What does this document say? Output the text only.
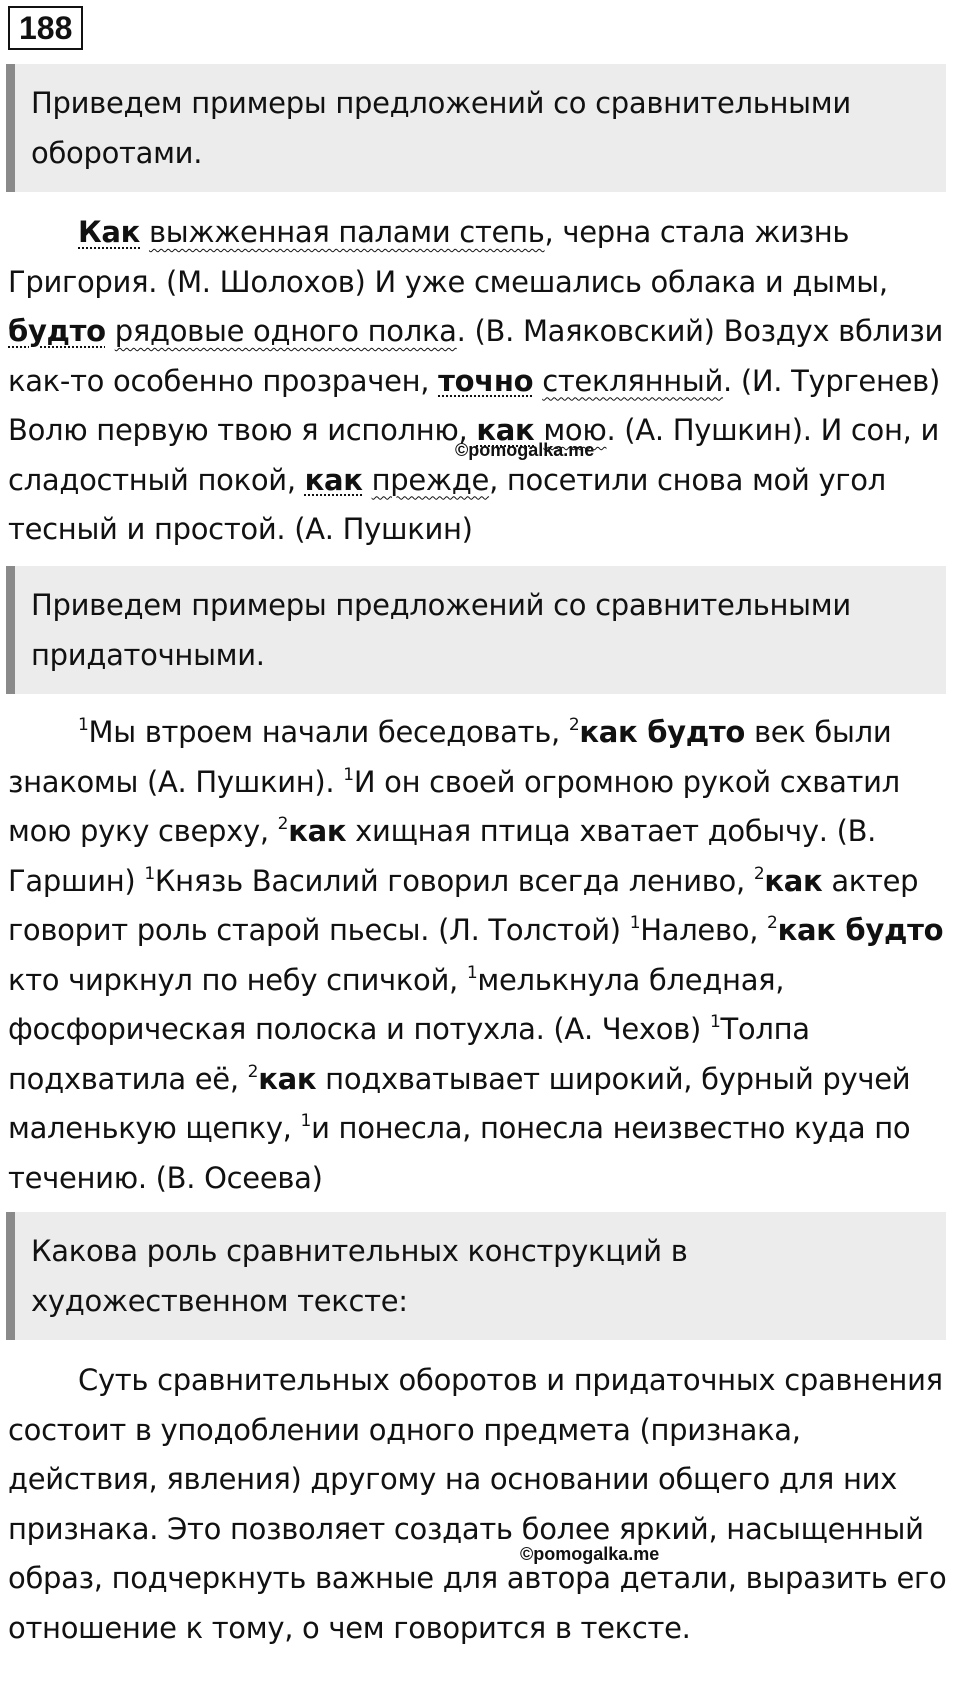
188
Приведем примеры предложений со сравнительными оборотами.
Как выжженная палами степь, черна стала жизнь Григория. (М. Шолохов) И уже смешались облака и дымы, будто рядовые одного полка. (В. Маяковский) Воздух вблизи как-то особенно прозрачен, точно стеклянный. (И. Тургенев) Волю первую твою я исполню, как мою. (А. Пушкин). И сон, и сладостный покой, как прежде, посетили снова мой угол тесный и простой. (А. Пушкин)
©pomogalka.me
Приведем примеры предложений со сравнительными придаточными.
$^1$Мы втроем начали беседовать, $^2$как будто век были знакомы (А. Пушкин). $^1$И он своей огромною рукой схватил мою руку сверху, $^2$как хищная птица хватает добычу. (В. Гаршин) $^1$Князь Василий говорил всегда лениво, $^2$как актер говорит роль старой пьесы. (Л. Толстой) $^1$Налево, $^2$как будто кто чиркнул по небу спичкой, $^1$мелькнула бледная, фосфорическая полоска и потухла. (А. Чехов) $^1$Толпа подхватила её, $^2$как подхватывает широкий, бурный ручей маленькую щепку, $^1$и понесла, понесла неизвестно куда по течению. (В. Осеева)
Какова роль сравнительных конструкций в художественном тексте:
Суть сравнительных оборотов и придаточных сравнения состоит в уподоблении одного предмета (признака, действия, явления) другому на основании общего для них признака. Это позволяет создать более яркий, насыщенный образ, подчеркнуть важные для автора детали, выразить его отношение к тому, о чем говорится в тексте.
©pomogalka.me
